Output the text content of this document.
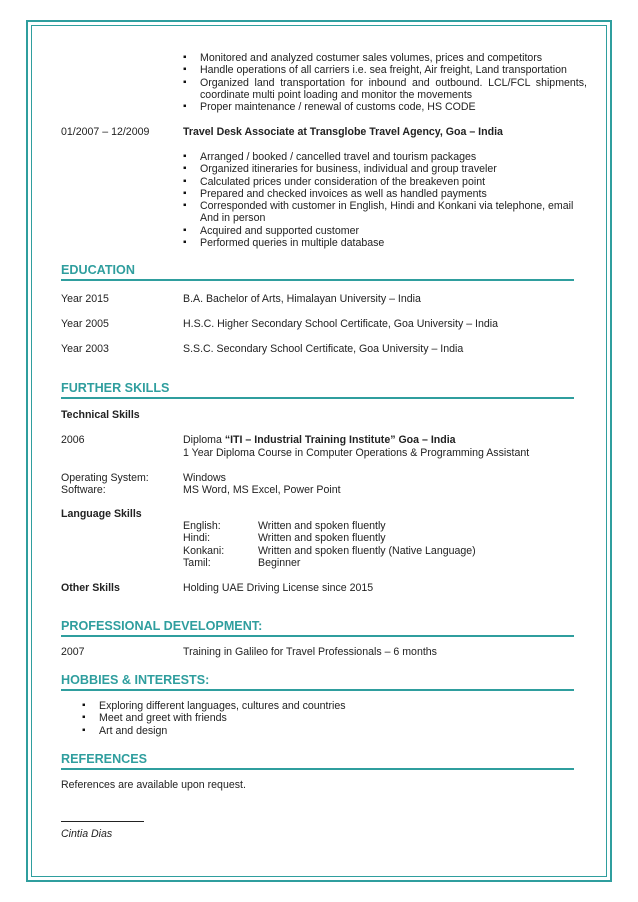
▪ Monitored and analyzed costumer sales volumes, prices and competitors
▪ Handle operations of all carriers i.e. sea freight, Air freight, Land transportation
▪ Organized land transportation for inbound and outbound. LCL/FCL shipments, coordinate multi point loading and monitor the movements
▪ Proper maintenance / renewal of customs code, HS CODE
01/2007 – 12/2009	Travel Desk Associate at Transglobe Travel Agency, Goa – India
▪ Arranged / booked / cancelled travel and tourism packages
▪ Organized itineraries for business, individual and group traveler
▪ Calculated prices under consideration of the breakeven point
▪ Prepared and checked invoices as well as handled payments
▪ Corresponded with customer in English, Hindi and Konkani via telephone, email And in person
▪ Acquired and supported customer
▪ Performed queries in multiple database
EDUCATION
Year 2015	B.A. Bachelor of Arts, Himalayan University – India
Year 2005	H.S.C. Higher Secondary School Certificate, Goa University – India
Year 2003	S.S.C. Secondary School Certificate, Goa University – India
FURTHER SKILLS
Technical Skills
2006	Diploma “ITI – Industrial Training Institute” Goa – India
1 Year Diploma Course in Computer Operations & Programming Assistant
Operating System:	Windows
Software:	MS Word, MS Excel, Power Point
Language Skills
English:	Written and spoken fluently
Hindi:	Written and spoken fluently
Konkani:	Written and spoken fluently (Native Language)
Tamil:	Beginner
Other Skills	Holding UAE Driving License since 2015
PROFESSIONAL DEVELOPMENT:
2007	Training in Galileo for Travel Professionals – 6 months
HOBBIES & INTERESTS:
▪ Exploring different languages, cultures and countries
▪ Meet and greet with friends
▪ Art and design
REFERENCES
References are available upon request.
Cintia Dias
